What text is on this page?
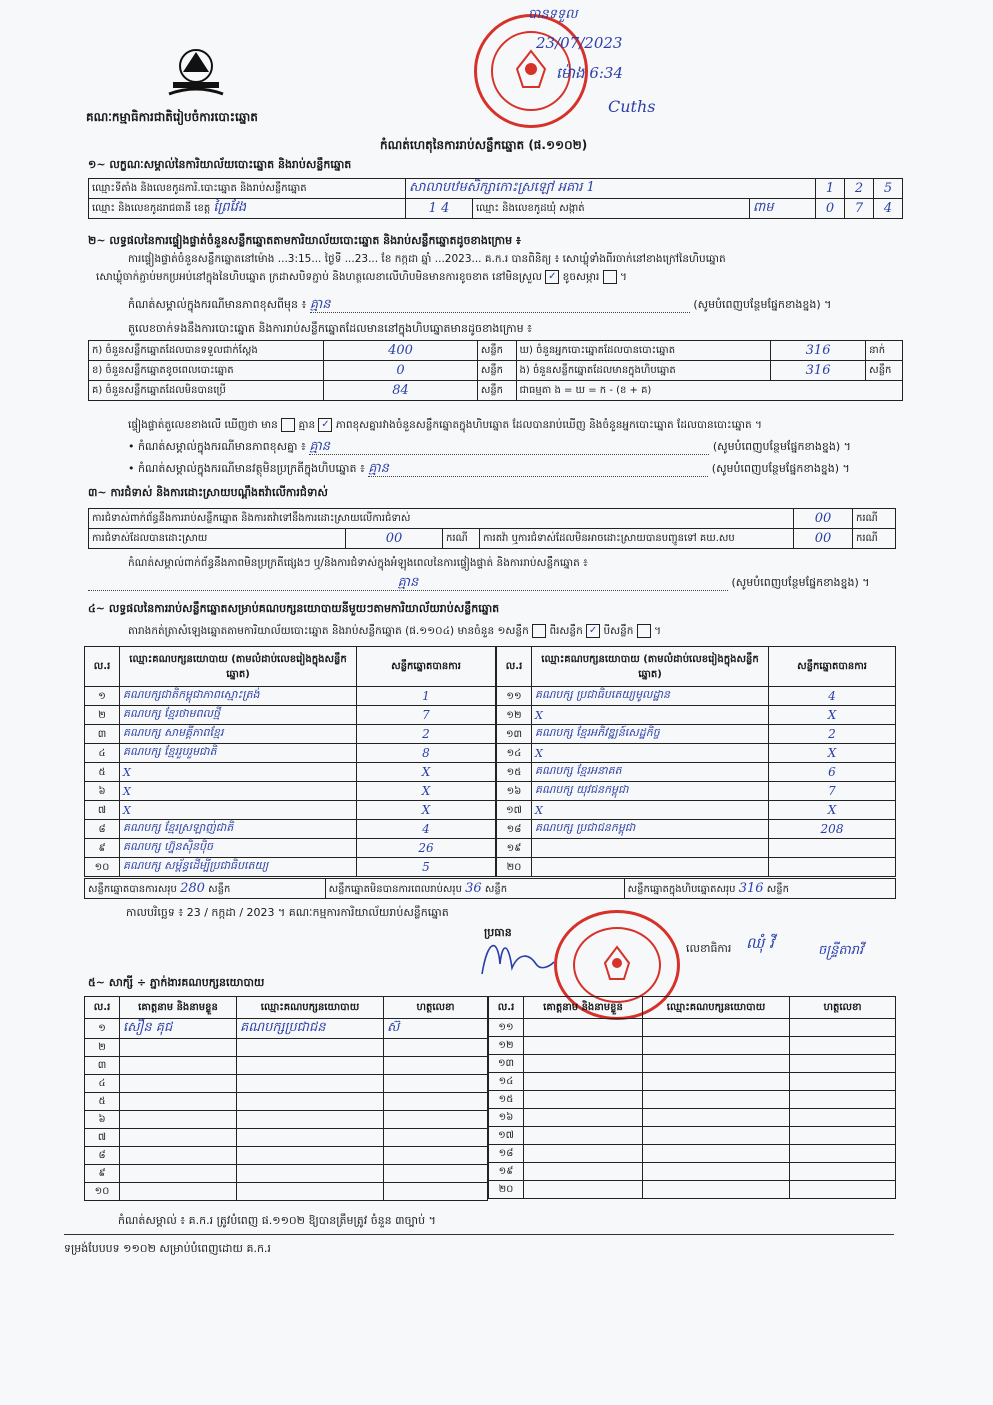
គណៈកម្មាធិការជាតិរៀបចំការបោះឆ្នោត
បានទទួល
23/07/2023
ម៉ោង 6:34
Cuths
កំណត់ហេតុនៃការរាប់សន្លឹកឆ្នោត (ផ.១១០២)
១~ លក្ខណៈសម្គាល់នៃការិយាល័យបោះឆ្នោត និងរាប់សន្លឹកឆ្នោត
ឈ្មោះទីតាំង និងលេខកូដការិ.បោះឆ្នោត និងរាប់សន្លឹកឆ្នោត	សាលាបឋមសិក្សាកោះស្រឡៅ អគារ 1			1	2	5
ឈ្មោះ និងលេខកូដរាជធានី ខេត្ត ព្រៃវែង	1 4	ឈ្មោះ និងលេខកូដឃុំ សង្កាត់	ពាម	0	7	4
២~ លទ្ធផលនៃការផ្ទៀងផ្ទាត់ចំនួនសន្លឹកឆ្នោតតាមការិយាល័យបោះឆ្នោត និងរាប់សន្លឹកឆ្នោតដូចខាងក្រោម ៖
ការផ្ទៀងផ្ទាត់ចំនួនសន្លឹកឆ្នោតនៅម៉ោង ...3:15... ថ្ងៃទី ...23... ខែ កក្កដា ឆ្នាំ ...2023... គ.ក.រ បានពិនិត្យ ៖ សោឃ្លុំទាំងពីរចាក់នៅខាងក្រៅនៃហិបឆ្នោត
សោឃ្លុំចាក់ភ្ជាប់មកប្រអប់នៅក្នុងនៃហិបឆ្នោត ក្រដាសបិទភ្ជាប់ និងហត្ថលេខាលើហិបមិនមានការខូចខាត នៅមិនស្រួល ✓ ខូចសម្ភារ  ។
កំណត់សម្គាល់ក្នុងករណីមានភាពខុសពីមុន ៖ គ្មាន	(សូមបំពេញបន្ថែមផ្នែកខាងខ្នង) ។
តួលេខចាក់ទងនឹងការបោះឆ្នោត និងការរាប់សន្លឹកឆ្នោតដែលមាននៅក្នុងហិបឆ្នោតមានដូចខាងក្រោម ៖
ក) ចំនួនសន្លឹកឆ្នោតដែលបានទទួលជាក់ស្តែង	400	សន្លឹក	ឃ) ចំនួនអ្នកបោះឆ្នោតដែលបានបោះឆ្នោត	316	នាក់
ខ) ចំនួនសន្លឹកឆ្នោតខូចពេលបោះឆ្នោត	0	សន្លឹក	ង) ចំនួនសន្លឹកឆ្នោតដែលមានក្នុងហិបឆ្នោត	316	សន្លឹក
គ) ចំនួនសន្លឹកឆ្នោតដែលមិនបានប្រើ	84	សន្លឹក	ជាធម្មតា ង = ឃ = ក - (ខ + គ)		
ផ្ទៀងផ្ទាត់តួលេខខាងលើ ឃើញថា មាន គ្មាន ✓ ភាពខុសគ្នារវាងចំនួនសន្លឹកឆ្នោតក្នុងហិបឆ្នោត ដែលបានរាប់ឃើញ និងចំនួនអ្នកបោះឆ្នោត ដែលបានបោះឆ្នោត ។
• កំណត់សម្គាល់ក្នុងករណីមានភាពខុសគ្នា ៖ គ្មាន	(សូមបំពេញបន្ថែមផ្នែកខាងខ្នង) ។
• កំណត់សម្គាល់ក្នុងករណីមានវត្ថុមិនប្រក្រតីក្នុងហិបឆ្នោត ៖ គ្មាន	(សូមបំពេញបន្ថែមផ្នែកខាងខ្នង) ។
៣~ ការជំទាស់ និងការដោះស្រាយបណ្តឹងតវ៉ាលើការជំទាស់
ការជំទាស់ពាក់ព័ន្ធនឹងការរាប់សន្លឹកឆ្នោត និងការតវ៉ាទៅនឹងការដោះស្រាយលើការជំទាស់				00	ករណី
ការជំទាស់ដែលបានដោះស្រាយ	00	ករណី	ការតវ៉ា ឬការជំទាស់ដែលមិនអាចដោះស្រាយបានបញ្ជូនទៅ គឃ.សប	00	ករណី
កំណត់សម្គាល់ពាក់ព័ន្ធនឹងភាពមិនប្រក្រតីផ្សេងៗ ឬ/និងការជំទាស់ក្នុងអំឡុងពេលនៃការផ្ទៀងផ្ទាត់ និងការរាប់សន្លឹកឆ្នោត ៖
គ្មាន	(សូមបំពេញបន្ថែមផ្នែកខាងខ្នង) ។
៤~ លទ្ធផលនៃការរាប់សន្លឹកឆ្នោតសម្រាប់គណបក្សនយោបាយនីមួយៗតាមការិយាល័យរាប់សន្លឹកឆ្នោត
តារាងកត់ត្រាសំឡេងឆ្នោតតាមការិយាល័យបោះឆ្នោត និងរាប់សន្លឹកឆ្នោត (ផ.១១០៤) មានចំនួន ១សន្លឹក ពីរសន្លឹក ✓ បីសន្លឹក  ។
ល.រ	ឈ្មោះគណបក្សនយោបាយ (តាមលំដាប់លេខរៀងក្នុងសន្លឹកឆ្នោត)	សន្លឹកឆ្នោតបានការ
១	គណបក្សជាតិកម្ពុជាភាពស្មោះត្រង់	1
២	គណបក្ស ខ្មែរថាមពលថ្មី	7
៣	គណបក្ស សាមគ្គីភាពខ្មែរ	2
៤	គណបក្ស ខ្មែររួបរួមជាតិ	8
៥	X	X
៦	X	X
៧	X	X
៨	គណបក្ស ខ្មែរស្រឡាញ់ជាតិ	4
៩	គណបក្ស ហ្វ៊ុនស៊ិនប៉ិច	26
១០	គណបក្ស សម្ព័ន្ធដើម្បីប្រជាធិបតេយ្យ	5
ល.រ	ឈ្មោះគណបក្សនយោបាយ (តាមលំដាប់លេខរៀងក្នុងសន្លឹកឆ្នោត)	សន្លឹកឆ្នោតបានការ
១១	គណបក្ស ប្រជាធិបតេយ្យមូលដ្ឋាន	4
១២	X	X
១៣	គណបក្ស ខ្មែរអភិវឌ្ឍន៍សេដ្ឋកិច្ច	2
១៤	X	X
១៥	គណបក្ស ខ្មែរអនាគត	6
១៦	គណបក្ស យុវជនកម្ពុជា	7
១៧	X	X
១៨	គណបក្ស ប្រជាជនកម្ពុជា	208
១៩		
២០		
សន្លឹកឆ្នោតបានការសរុប 280 សន្លឹក	សន្លឹកឆ្នោតមិនបានការពេលរាប់សរុប 36 សន្លឹក	សន្លឹកឆ្នោតក្នុងហិបឆ្នោតសរុប 316 សន្លឹក
កាលបរិច្ឆេទ ៖ 23 / កក្កដា / 2023 ។ គណៈកម្មការការិយាល័យរាប់សន្លឹកឆ្នោត
ប្រធាន
លេខាធិការ ឈុំ វី	ចន្ទ្រីតារាវី
៥~ សាក្សី ÷ ភ្នាក់ងារគណបក្សនយោបាយ
ល.រ	គោត្តនាម និងនាមខ្លួន	ឈ្មោះគណបក្សនយោបាយ	ហត្ថលេខា
១	សឿន គុជ	គណបក្សប្រជាជន	ស៊
២			
៣			
៤			
៥			
៦			
៧			
៨			
៩			
១០			
ល.រ	គោត្តនាម និងនាមខ្លួន	ឈ្មោះគណបក្សនយោបាយ	ហត្ថលេខា
១១			
១២			
១៣			
១៤			
១៥			
១៦			
១៧			
១៨			
១៩			
២០			
កំណត់សម្គាល់ ៖ គ.ក.រ ត្រូវបំពេញ ផ.១១០២ ឱ្យបានត្រឹមត្រូវ ចំនួន ៣ច្បាប់ ។
ទម្រង់បែបបទ ១១០២ សម្រាប់បំពេញដោយ គ.ក.រ
